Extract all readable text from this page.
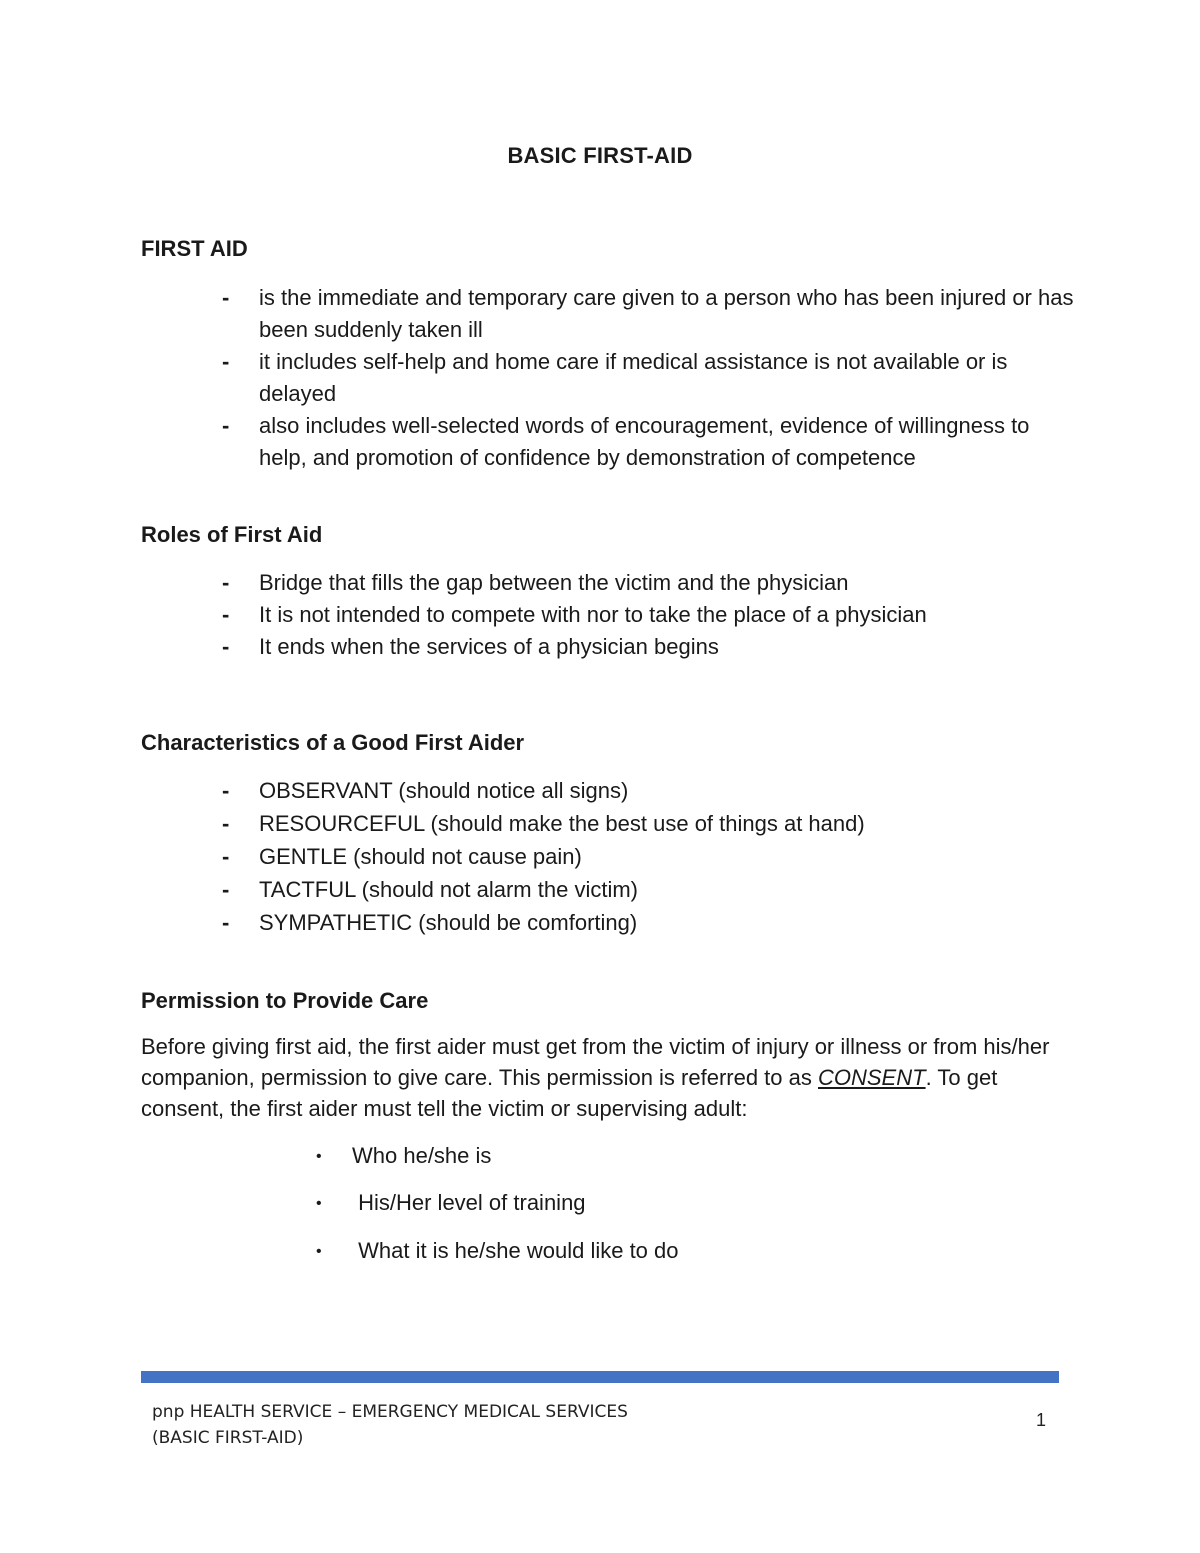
BASIC FIRST-AID
FIRST AID
- is the immediate and temporary care given to a person who has been injured or has been suddenly taken ill
- it includes self-help and home care if medical assistance is not available or is delayed
- also includes well-selected words of encouragement, evidence of willingness to help, and promotion of confidence by demonstration of competence
Roles of First Aid
- Bridge that fills the gap between the victim and the physician
- It is not intended to compete with nor to take the place of a physician
- It ends when the services of a physician begins
Characteristics of a Good First Aider
- OBSERVANT (should notice all signs)
- RESOURCEFUL (should make the best use of things at hand)
- GENTLE (should not cause pain)
- TACTFUL (should not alarm the victim)
- SYMPATHETIC (should be comforting)
Permission to Provide Care
Before giving first aid, the first aider must get from the victim of injury or illness or from his/her companion, permission to give care. This permission is referred to as CONSENT. To get consent, the first aider must tell the victim or supervising adult:
• Who he/she is
• His/Her level of training
• What it is he/she would like to do
pnp HEALTH SERVICE – EMERGENCY MEDICAL SERVICES
(BASIC FIRST-AID)
1
